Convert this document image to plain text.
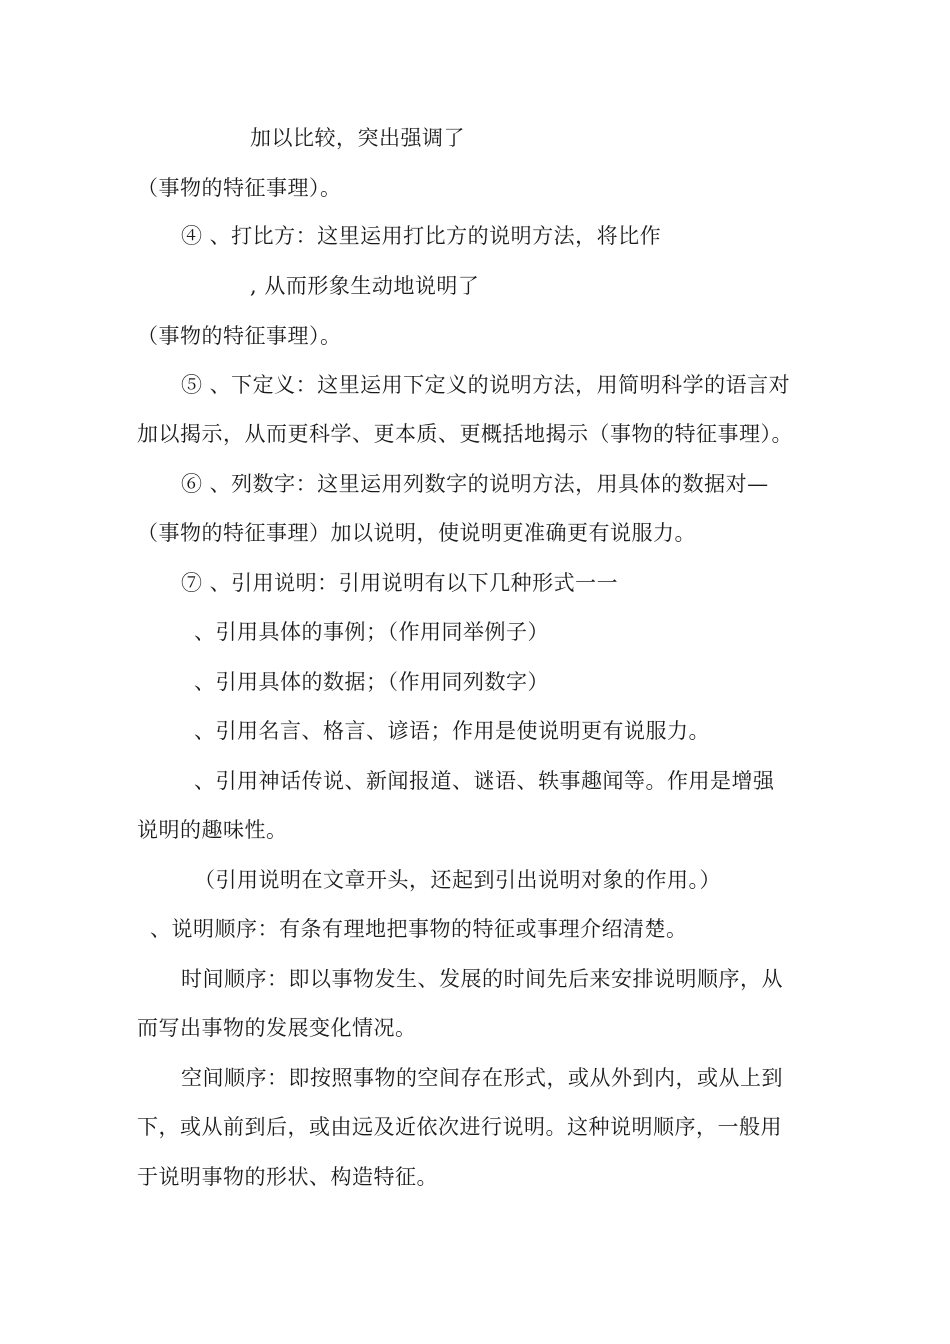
加以比较，突出强调了
（事物的特征事理）。
④ 、打比方：这里运用打比方的说明方法，将比作
, 从而形象生动地说明了
（事物的特征事理）。
⑤ 、下定义：这里运用下定义的说明方法，用简明科学的语言对
加以揭示，从而更科学、更本质、更概括地揭示（事物的特征事理）。
⑥ 、列数字：这里运用列数字的说明方法，用具体的数据对—
（事物的特征事理）加以说明，使说明更准确更有说服力。
⑦ 、引用说明：引用说明有以下几种形式一一
、引用具体的事例；（作用同举例子）
、引用具体的数据；（作用同列数字）
、引用名言、格言、谚语；作用是使说明更有说服力。
、引用神话传说、新闻报道、谜语、轶事趣闻等。作用是增强
说明的趣味性。
（引用说明在文章开头，还起到引出说明对象的作用。）
、说明顺序：有条有理地把事物的特征或事理介绍清楚。
时间顺序：即以事物发生、发展的时间先后来安排说明顺序，从
而写出事物的发展变化情况。
空间顺序：即按照事物的空间存在形式，或从外到内，或从上到
下，或从前到后，或由远及近依次进行说明。这种说明顺序，一般用
于说明事物的形状、构造特征。
